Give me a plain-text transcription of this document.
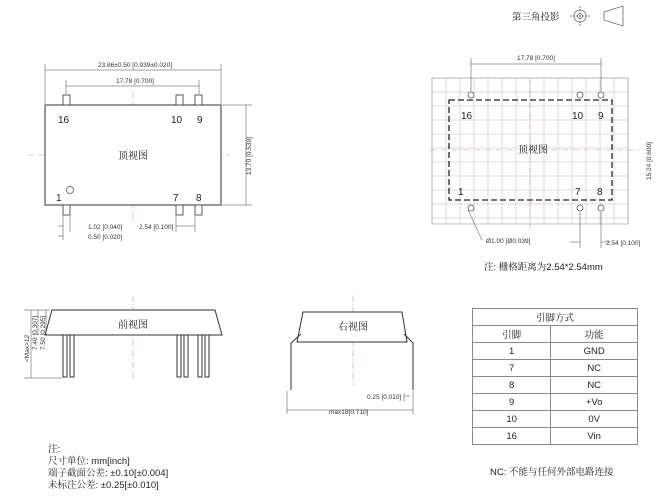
23.86±0.50 [0.939±0.020]
17.78 [0.700]
13.70 [0.539]
1.02 [0.040]
0.50 [0.020]
2.54 [0.100]
16	10 9
1	7 8
顶视图
17.78 [0.700]
15.24 [0.600]
Ø1.00 [Ø0.039]	2.54 [0.100]
16	10 9
1	7 8
顶视图
<Max>12 7.40 [0.307] 7.50 [0.295]	前视图
0.25 [0.010]
max18[0.710]
右视图
第三角投影
注: 栅格距离为2.54*2.54mm
引脚方式	
引脚	功能
1	GND
7	NC
8	NC
9	+Vo
10	0V
16	Vin
NC: 不能与任何外部电路连接
注:
尺寸单位: mm[inch]
端子截面公差: ±0.10[±0.004]
未标注公差: ±0.25[±0.010]
